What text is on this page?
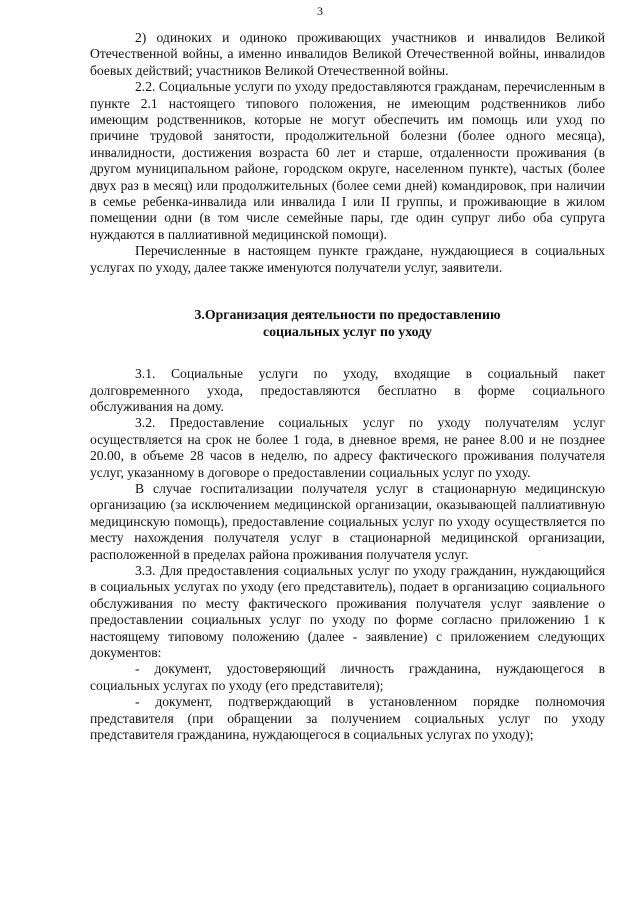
3

2) одиноких и одиноко проживающих участников и инвалидов Великой Отечественной войны, а именно инвалидов Великой Отечественной войны, инвалидов боевых действий; участников Великой Отечественной войны.

2.2. Социальные услуги по уходу предоставляются гражданам, перечисленным в пункте 2.1 настоящего типового положения, не имеющим родственников либо имеющим родственников, которые не могут обеспечить им помощь или уход по причине трудовой занятости, продолжительной болезни (более одного месяца), инвалидности, достижения возраста 60 лет и старше, отдаленности проживания (в другом муниципальном районе, городском округе, населенном пункте), частых (более двух раз в месяц) или продолжительных (более семи дней) командировок, при наличии в семье ребенка-инвалида или инвалида I или II группы, и проживающие в жилом помещении одни (в том числе семейные пары, где один супруг либо оба супруга нуждаются в паллиативной медицинской помощи).

Перечисленные в настоящем пункте граждане, нуждающиеся в социальных услугах по уходу, далее также именуются получатели услуг, заявители.

3.Организация деятельности по предоставлению

социальных услуг по уходу

3.1. Социальные услуги по уходу, входящие в социальный пакет долговременного ухода, предоставляются бесплатно в форме социального обслуживания на дому.

3.2. Предоставление социальных услуг по уходу получателям услуг осуществляется на срок не более 1 года, в дневное время, не ранее 8.00 и не позднее 20.00, в объеме 28 часов в неделю, по адресу фактического проживания получателя услуг, указанному в договоре о предоставлении социальных услуг по уходу.

В случае госпитализации получателя услуг в стационарную медицинскую организацию (за исключением медицинской организации, оказывающей паллиативную медицинскую помощь), предоставление социальных услуг по уходу осуществляется по месту нахождения получателя услуг в стационарной медицинской организации, расположенной в пределах района проживания получателя услуг.

3.3. Для предоставления социальных услуг по уходу гражданин, нуждающийся в социальных услугах по уходу (его представитель), подает в организацию социального обслуживания по месту фактического проживания получателя услуг заявление о предоставлении социальных услуг по уходу по форме согласно приложению 1 к настоящему типовому положению (далее - заявление) с приложением следующих документов:

- документ, удостоверяющий личность гражданина, нуждающегося в социальных услугах по уходу (его представителя);

- документ, подтверждающий в установленном порядке полномочия представителя (при обращении за получением социальных услуг по уходу представителя гражданина, нуждающегося в социальных услугах по уходу);
